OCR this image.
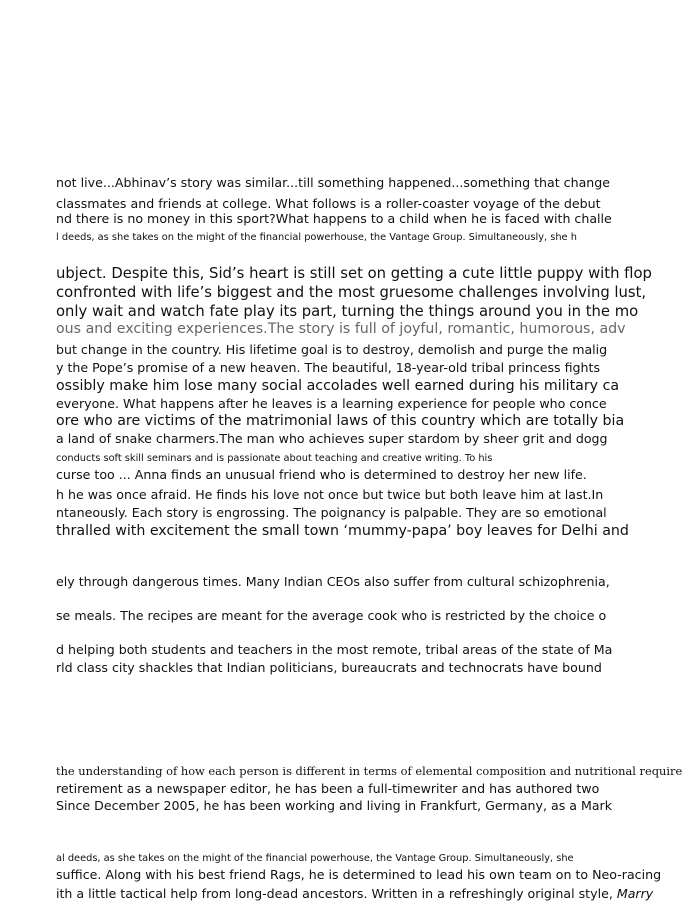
not live...Abhinav’s story was similar...till something happened...something that change
classmates and friends at college. What follows is a roller-coaster voyage of the debut
nd there is no money in this sport?What happens to a child when he is faced with challe
l deeds, as she takes on the might of the financial powerhouse, the Vantage Group. Simultaneously, she h
ubject. Despite this, Sid’s heart is still set on getting a cute little puppy with flop
confronted with life’s biggest and the most gruesome challenges involving lust,
only wait and watch fate play its part, turning the things around you in the mo
ous and exciting experiences.The story is full of joyful, romantic, humorous, adv
but change in the country. His lifetime goal is to destroy, demolish and purge the malig
y the Pope’s promise of a new heaven. The beautiful, 18-year-old tribal princess fights
ossibly make him lose many social accolades well earned during his military ca
everyone. What happens after he leaves is a learning experience for people who conce
ore who are victims of the matrimonial laws of this country which are totally bia
a land of snake charmers.The man who achieves super stardom by sheer grit and dogg
conducts soft skill seminars and is passionate about teaching and creative writing. To his
curse too ... Anna finds an unusual friend who is determined to destroy her new life.
h he was once afraid. He finds his love not once but twice but both leave him at last.In
ntaneously. Each story is engrossing. The poignancy is palpable. They are so emotional
thralled with excitement the small town ‘mummy-papa’ boy leaves for Delhi and
ely through dangerous times. Many Indian CEOs also suffer from cultural schizophrenia,
se meals. The recipes are meant for the average cook who is restricted by the choice o
d helping both students and teachers in the most remote, tribal areas of the state of Ma
rld class city shackles that Indian politicians, bureaucrats and technocrats have bound
the understanding of how each person is different in terms of elemental composition and nutritional require
retirement as a newspaper editor, he has been a full-timewriter and has authored two
Since December 2005, he has been working and living in Frankfurt, Germany, as a Mark
al deeds, as she takes on the might of the financial powerhouse, the Vantage Group. Simultaneously, she
suffice. Along with his best friend Rags, he is determined to lead his own team on to Neo-racing
ith a little tactical help from long-dead ancestors. Written in a refreshingly original style, Marry
